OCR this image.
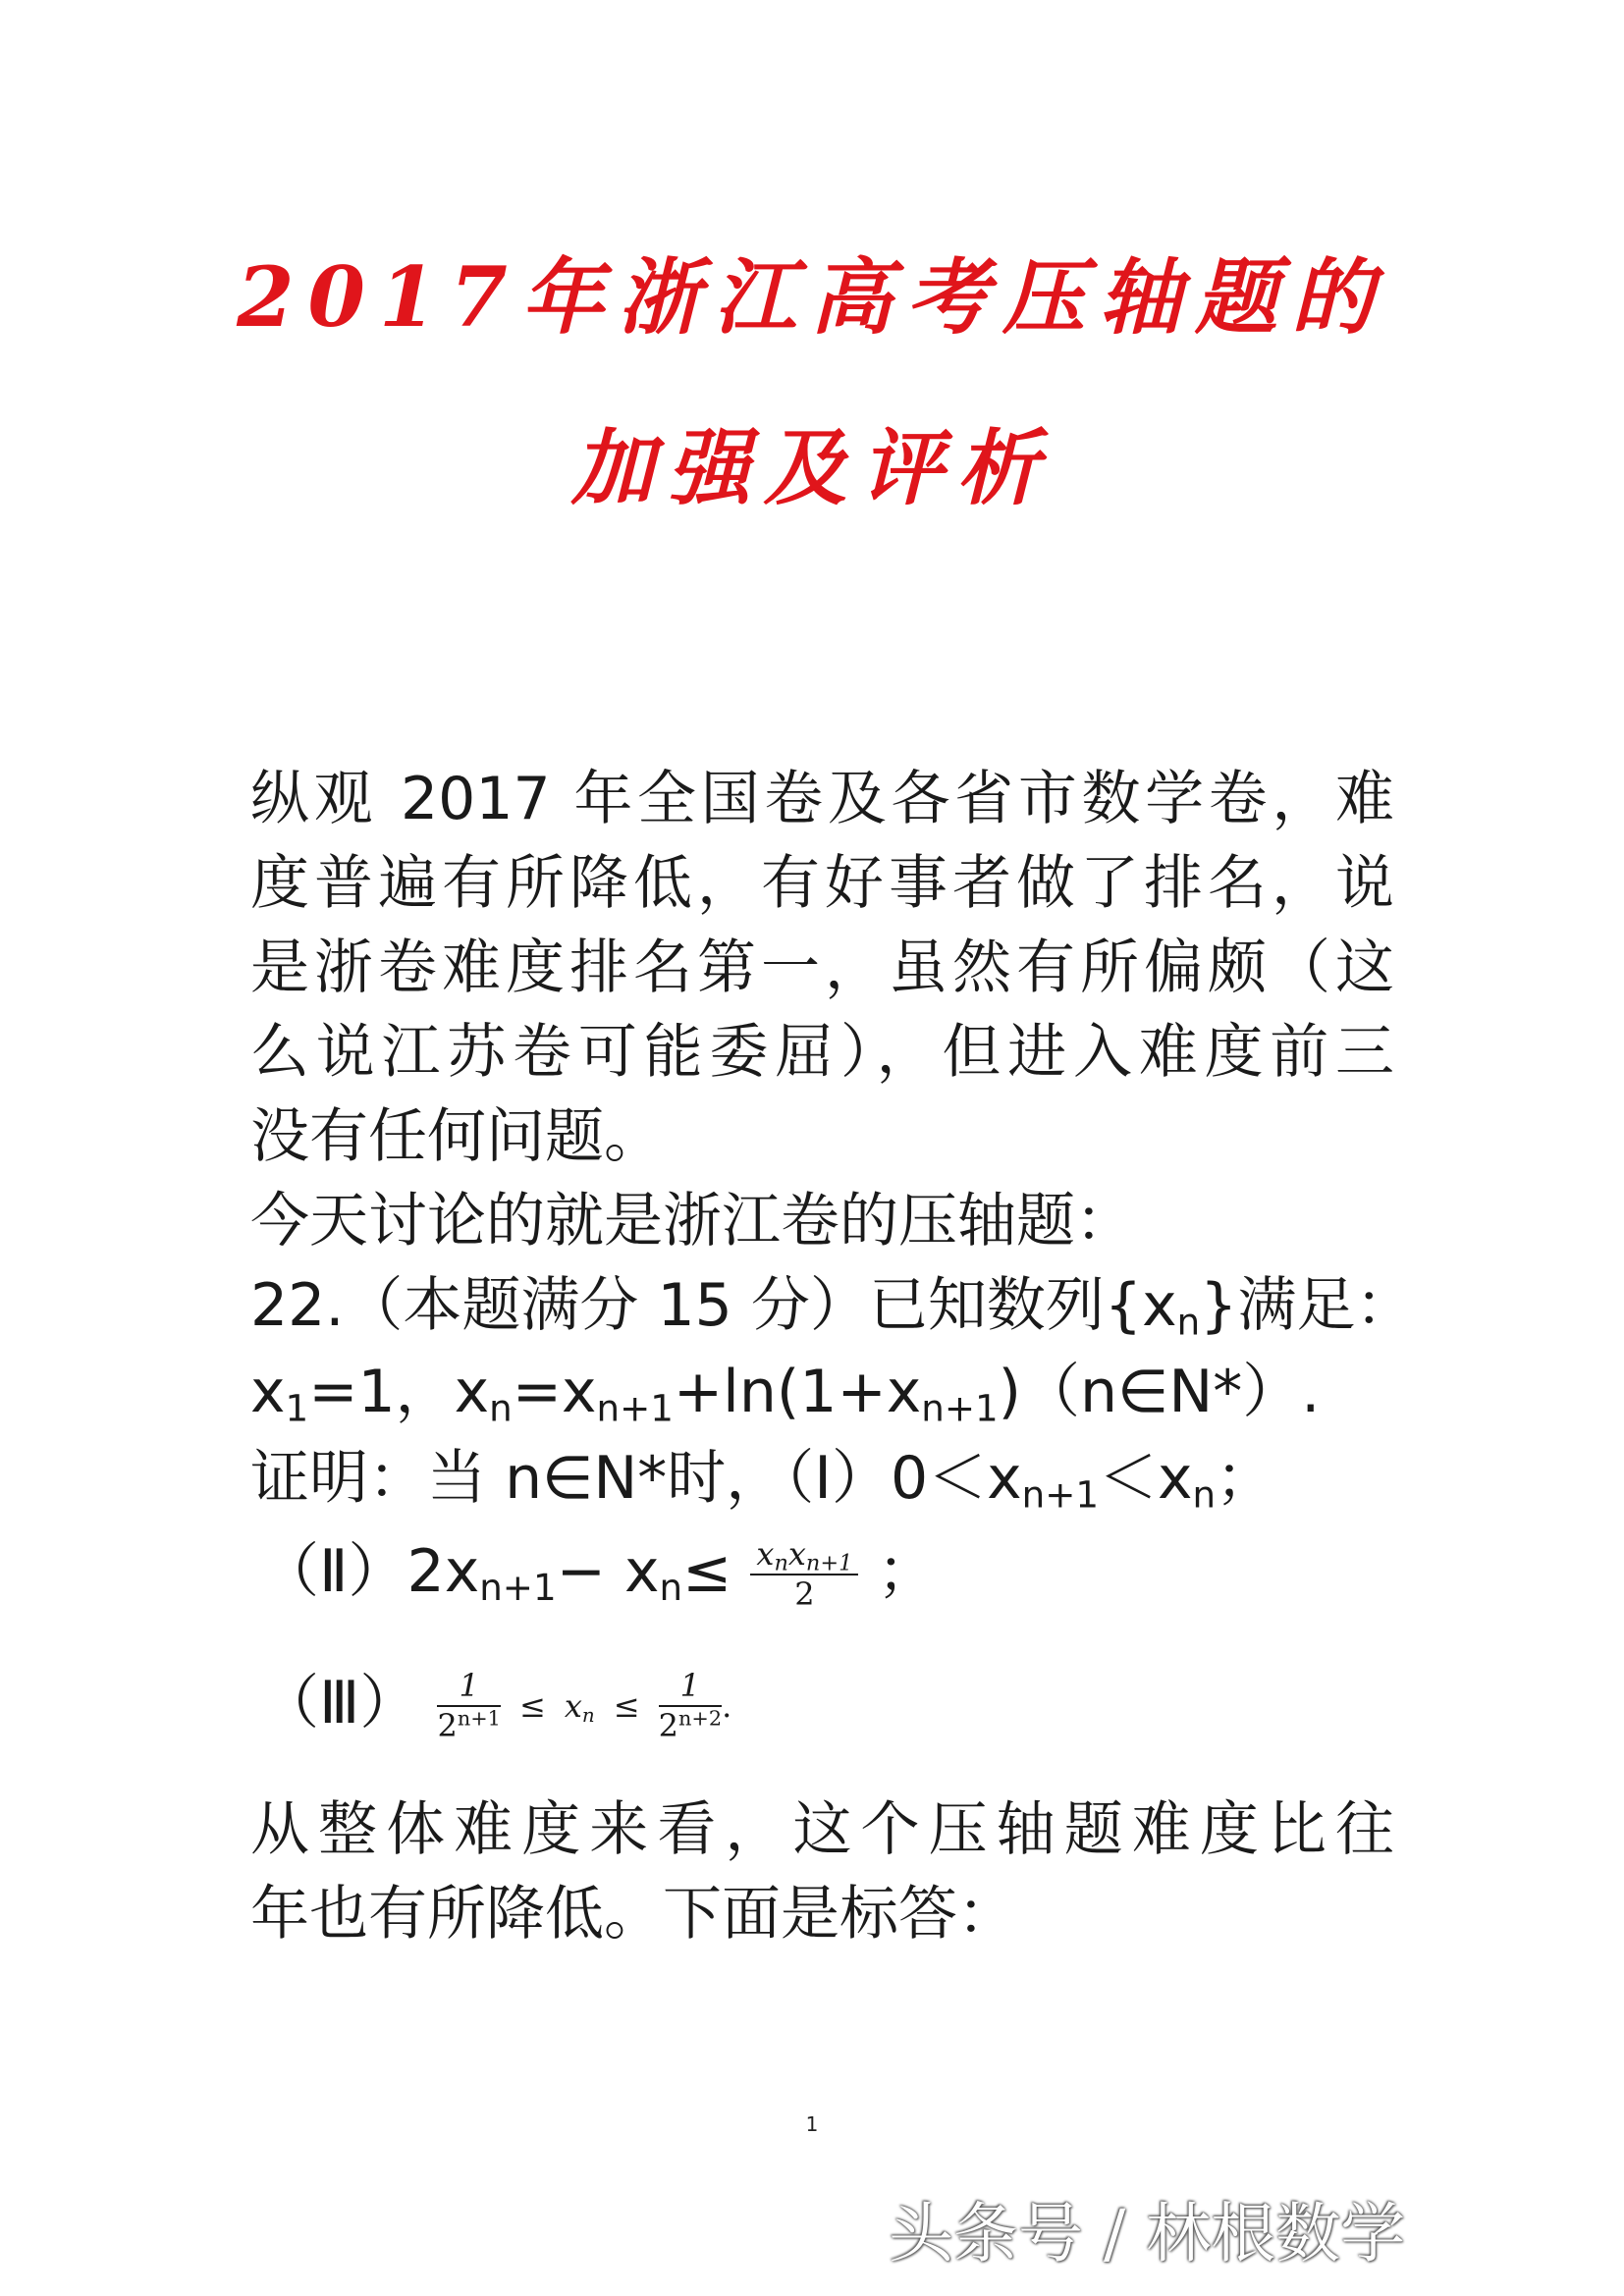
2017年浙江高考压轴题的
加强及评析
纵观 2017 年全国卷及各省市数学卷，难
度普遍有所降低，有好事者做了排名，说
是浙卷难度排名第一，虽然有所偏颇（这
么说江苏卷可能委屈），但进入难度前三
没有任何问题。
今天讨论的就是浙江卷的压轴题：
22.（本题满分 15 分）已知数列$\{x_n\}$满足：
$x_1=1$，$x_n=x_{n+1}+\ln(1+x_{n+1})(n\in N*)$.
证明：当 n∈N*时，$(Ⅰ)0<x_{n+1}<x_n$；
$(Ⅱ)2x_{n+1}- x_n\le \frac{x_nx_{n+1}}{2}$ ；
（Ⅲ） $\frac{1}{2^{n+1}} \le x_n \le \frac{1}{2^{n+2}}$ .
从整体难度来看，这个压轴题难度比往
年也有所降低。下面是标答：
1
头条号 / 林根数学
